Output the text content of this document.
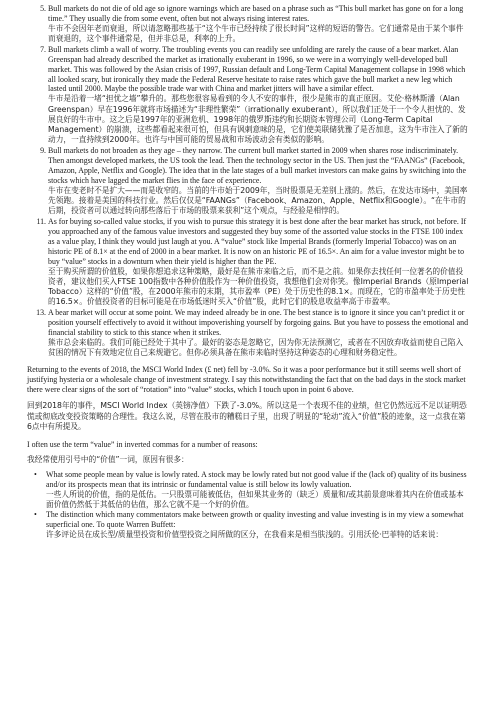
5. Bull markets do not die of old age so ignore warnings which are based on a phrase such as “This bull market has gone on for a long time.” They usually die from some event, often but not always rising interest rates.
牛市不会因年老而衰退，所以请忽略那些基于“这个牛市已经持续了很长时间”这样的短语的警告。它们通常是由于某个事件而衰退的，这个事件通常是，但并非总是，利率的上升。
7. Bull markets climb a wall of worry. The troubling events you can readily see unfolding are rarely the cause of a bear market. Alan Greenspan had already described the market as irrationally exuberant in 1996, so we were in a worryingly well-developed bull market. This was followed by the Asian crisis of 1997, Russian default and Long-Term Capital Management collapse in 1998 which all looked scary, but ironically they made the Federal Reserve hesitate to raise rates which gave the bull market a new leg which lasted until 2000. Maybe the possible trade war with China and market jitters will have a similar effect.
牛市是沿着一堵“担忧之墙”攀升的。那些您很容易看到的令人不安的事件，很少是熊市的真正原因。艾伦·格林斯潘（Alan Greenspan）早在1996年就将市场描述为“非理性繁荣”（irrationally exuberant），所以我们正处于一个令人担忧的、发展良好的牛市中。这之后是1997年的亚洲危机、1998年的俄罗斯违约和长期资本管理公司（Long-Term Capital Management）的崩溃，这些都看起来很可怕，但具有讽刺意味的是，它们使美联储犹豫了是否加息，这为牛市注入了新的动力，一直持续到2000年。也许与中国可能的贸易战和市场波动会有类似的影响。
9. Bull markets do not broaden as they age – they narrow. The current bull market started in 2009 when shares rose indiscriminately. Then amongst developed markets, the US took the lead. Then the technology sector in the US. Then just the “FAANGs” (Facebook, Amazon, Apple, Netflix and Google). The idea that in the late stages of a bull market investors can make gains by switching into the stocks which have lagged the market flies in the face of experience.
牛市在变老时不是扩大——而是收窄的。当前的牛市始于2009年，当时股票是无差别上涨的。然后，在发达市场中，美国率先领跑。接着是美国的科技行业。然后仅仅是“FAANGs”（Facebook、Amazon、Apple、Netflix和Google）。“在牛市的后期，投资者可以通过转向那些落后于市场的股票来获利”这个观点，与经验是相悖的。
11. As for buying so-called value stocks, if you wish to pursue this strategy it is best done after the bear market has struck, not before. If you approached any of the famous value investors and suggested they buy some of the assorted value stocks in the FTSE 100 index as a value play, I think they would just laugh at you. A “value” stock like Imperial Brands (formerly Imperial Tobacco) was on an historic PE of 8.1× at the end of 2000 in a bear market. It is now on an historic PE of 16.5×. An aim for a value investor might be to buy “value” stocks in a downturn when their yield is higher than the PE.
至于购买所谓的价值股，如果你想追求这种策略，最好是在熊市来临之后，而不是之前。如果你去找任何一位著名的价值投资者，建议他们买入FTSE 100指数中各种价值股作为一种价值投资，我想他们会对你笑。像Imperial Brands（原Imperial Tobacco）这样的“价值”股，在2000年熊市的末期，其市盈率（PE）处于历史性的8.1×。而现在，它的市盈率处于历史性的16.5×。价值投资者的目标可能是在市场低迷时买入“价值”股，此时它们的股息收益率高于市盈率。
13. A bear market will occur at some point. We may indeed already be in one. The best stance is to ignore it since you can’t predict it or position yourself effectively to avoid it without impoverishing yourself by forgoing gains. But you have to possess the emotional and financial stability to stick to this stance when it strikes.
熊市总会来临的。我们可能已经处于其中了。最好的姿态是忽略它，因为你无法预测它，或者在不因放弃收益而使自己陷入贫困的情况下有效地定位自己来规避它。但你必须具备在熊市来临时坚持这种姿态的心理和财务稳定性。

Returning to the events of 2018, the MSCI World Index (£ net) fell by -3.0%. So it was a poor performance but it still seems well short of justifying hysteria or a wholesale change of investment strategy. I say this notwithstanding the fact that on the bad days in the stock market there were clear signs of the sort of “rotation” into “value” stocks, which I touch upon in point 6 above.

回到2018年的事件，MSCI World Index（英镑净值）下跌了-3.0%。所以这是一个表现不佳的业绩，但它仍然远远不足以证明恐慌或彻底改变投资策略的合理性。我这么说，尽管在股市的糟糕日子里，出现了明显的“轮动”流入“价值”股的迹象，这一点我在第6点中有所提及。

I often use the term “value” in inverted commas for a number of reasons:

我经常使用引号中的“价值”一词，原因有很多：

• What some people mean by value is lowly rated. A stock may be lowly rated but not good value if the (lack of) quality of its business and/or its prospects mean that its intrinsic or fundamental value is still below its lowly valuation.
一些人所说的价值，指的是低估。一只股票可能被低估，但如果其业务的（缺乏）质量和/或其前景意味着其内在价值或基本面价值仍然低于其低估的估值，那么它就不是一个好的价值。
• The distinction which many commentators make between growth or quality investing and value investing is in my view a somewhat superficial one. To quote Warren Buffett:
许多评论员在成长型/质量型投资和价值型投资之间所做的区分，在我看来是相当肤浅的。引用沃伦·巴菲特的话来说：
